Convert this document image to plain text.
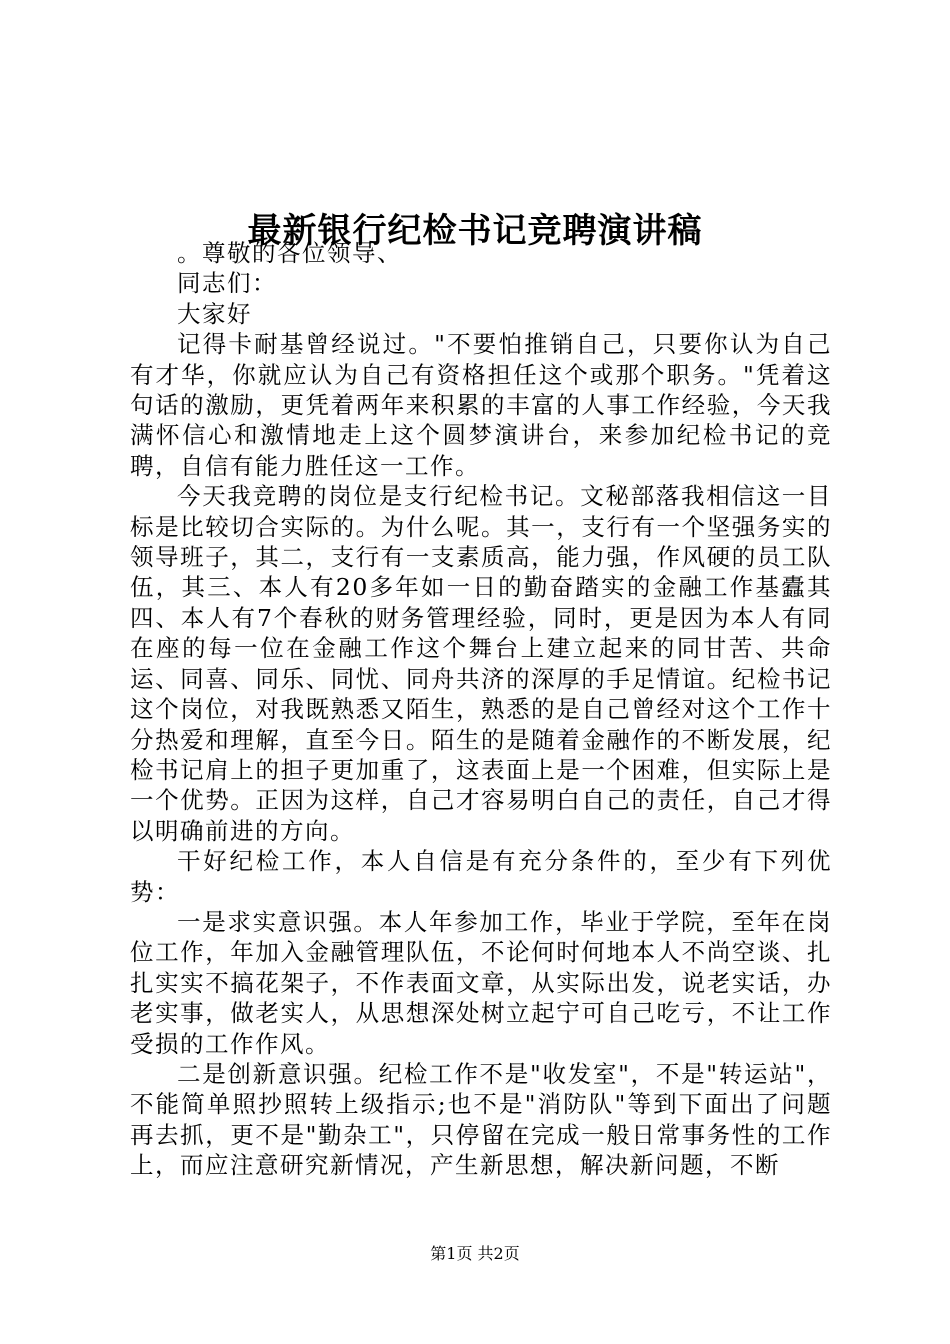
最新银行纪检书记竞聘演讲稿

。尊敬的各位领导、

同志们：

大家好

记得卡耐基曾经说过。"不要怕推销自己，只要你认为自己有才华，你就应认为自己有资格担任这个或那个职务。"凭着这句话的激励，更凭着两年来积累的丰富的人事工作经验，今天我满怀信心和激情地走上这个圆梦演讲台，来参加纪检书记的竞聘，自信有能力胜任这一工作。

今天我竞聘的岗位是支行纪检书记。文秘部落我相信这一目标是比较切合实际的。为什么呢。其一，支行有一个坚强务实的领导班子，其二，支行有一支素质高，能力强，作风硬的员工队伍，其三、本人有20多年如一日的勤奋踏实的金融工作基蠹其四、本人有7个春秋的财务管理经验，同时，更是因为本人有同在座的每一位在金融工作这个舞台上建立起来的同甘苦、共命运、同喜、同乐、同忧、同舟共济的深厚的手足情谊。纪检书记这个岗位，对我既熟悉又陌生，熟悉的是自己曾经对这个工作十分热爱和理解，直至今日。陌生的是随着金融作的不断发展，纪检书记肩上的担子更加重了，这表面上是一个困难，但实际上是一个优势。正因为这样，自己才容易明白自己的责任，自己才得以明确前进的方向。

干好纪检工作，本人自信是有充分条件的，至少有下列优势：

一是求实意识强。本人年参加工作，毕业于学院，至年在岗位工作，年加入金融管理队伍，不论何时何地本人不尚空谈、扎扎实实不搞花架子，不作表面文章，从实际出发，说老实话，办老实事，做老实人，从思想深处树立起宁可自己吃亏，不让工作受损的工作作风。

二是创新意识强。纪检工作不是"收发室"，不是"转运站"，不能简单照抄照转上级指示;也不是"消防队"等到下面出了问题再去抓，更不是"勤杂工"，只停留在完成一般日常事务性的工作上，而应注意研究新情况，产生新思想，解决新问题，不断

第1页 共2页
